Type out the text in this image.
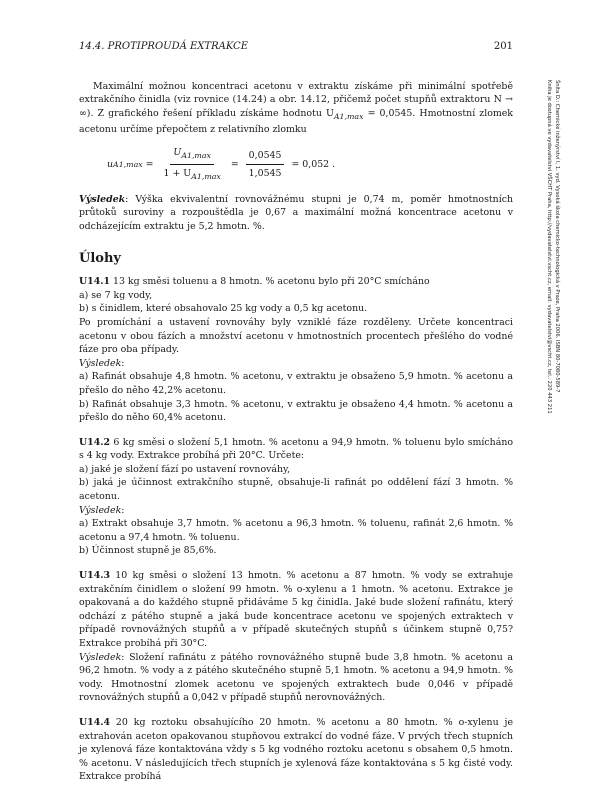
14.4. PROTIPROUDÁ EXTRAKCE	201

Maximální možnou koncentraci acetonu v extraktu získáme při minimální spotřebě extrakčního činidla (viz rovnice (14.24) a obr. 14.12, přičemž počet stupňů extraktoru N → ∞). Z grafického řešení příkladu získáme hodnotu $U_{A1,max} = 0,0545$. Hmotnostní zlomek acetonu určíme přepočtem z relativního zlomku

u $A1,\max = \frac{U_{A1,max}}{1 + U_{A1,max}} = \frac{0,0545}{1,0545} = 0,052$ .

Výsledek: Výška ekvivalentní rovnovážnému stupni je 0,74 m, poměr hmotnostních průtoků suroviny a rozpouštědla je 0,67 a maximální možná koncentrace acetonu v odcházejícím extraktu je 5,2 hmotn. %.

Úlohy

U14.1 13 kg směsi toluenu a 8 hmotn. % acetonu bylo při 20°C smícháno

a) se 7 kg vody,

b) s činidlem, které obsahovalo 25 kg vody a 0,5 kg acetonu.

Po promíchání a ustavení rovnováhy byly vzniklé fáze rozděleny. Určete koncentraci acetonu v obou fázích a množství acetonu v hmotnostních procentech přešlého do vodné fáze pro oba případy.

Výsledek:

a) Rafinát obsahuje 4,8 hmotn. % acetonu, v extraktu je obsaženo 5,9 hmotn. % acetonu a přešlo do něho 42,2% acetonu.

b) Rafinát obsahuje 3,3 hmotn. % acetonu, v extraktu je obsaženo 4,4 hmotn. % acetonu a přešlo do něho 60,4% acetonu.

U14.2 6 kg směsi o složení 5,1 hmotn. % acetonu a 94,9 hmotn. % toluenu bylo smícháno s 4 kg vody. Extrakce probíhá při 20°C. Určete:

a) jaké je složení fází po ustavení rovnováhy,

b) jaká je účinnost extrakčního stupně, obsahuje-li rafinát po oddělení fází 3 hmotn. % acetonu.

Výsledek:

a) Extrakt obsahuje 3,7 hmotn. % acetonu a 96,3 hmotn. % toluenu, rafinát 2,6 hmotn. % acetonu a 97,4 hmotn. % toluenu.

b) Účinnost stupně je 85,6%.

U14.3 10 kg směsi o složení 13 hmotn. % acetonu a 87 hmotn. % vody se extrahuje extrakčním činidlem o složení 99 hmotn. % o-xylenu a 1 hmotn. % acetonu. Extrakce je opakovaná a do každého stupně přidáváme 5 kg činidla. Jaké bude složení rafinátu, který odchází z pátého stupně a jaká bude koncentrace acetonu ve spojených extraktech v případě rovnovážných stupňů a v případě skutečných stupňů s účinkem stupně 0,75? Extrakce probíhá při 30°C.

Výsledek: Složení rafinátu z pátého rovnovážného stupně bude 3,8 hmotn. % acetonu a 96,2 hmotn. % vody a z pátého skutečného stupně 5,1 hmotn. % acetonu a 94,9 hmotn. % vody. Hmotnostní zlomek acetonu ve spojených extraktech bude 0,046 v případě rovnovážných stupňů a 0,042 v případě stupňů nerovnovážných.

U14.4 20 kg roztoku obsahujícího 20 hmotn. % acetonu a 80 hmotn. % o-xylenu je extrahován aceton opakovanou stupňovou extrakcí do vodné fáze. V prvých třech stupních je xylenová fáze kontaktována vždy s 5 kg vodného roztoku acetonu s obsahem 0,5 hmotn. % acetonu. V následujících třech stupních je xylenová fáze kontaktována s 5 kg čisté vody. Extrakce probíhá

Šnita D.: Chemické inženýrství I, 1. vyd. Vysoká škola chemicko-technologická v Praze, Praha 2006. ISBN 80-7080-589-7
Kniha je dostupná ve vydavatelství VŠCHT Praha, http://vydavatelstvi.vscht.cz, email: vydavatelstvi@vscht.cz, tel.: 220 443 211
